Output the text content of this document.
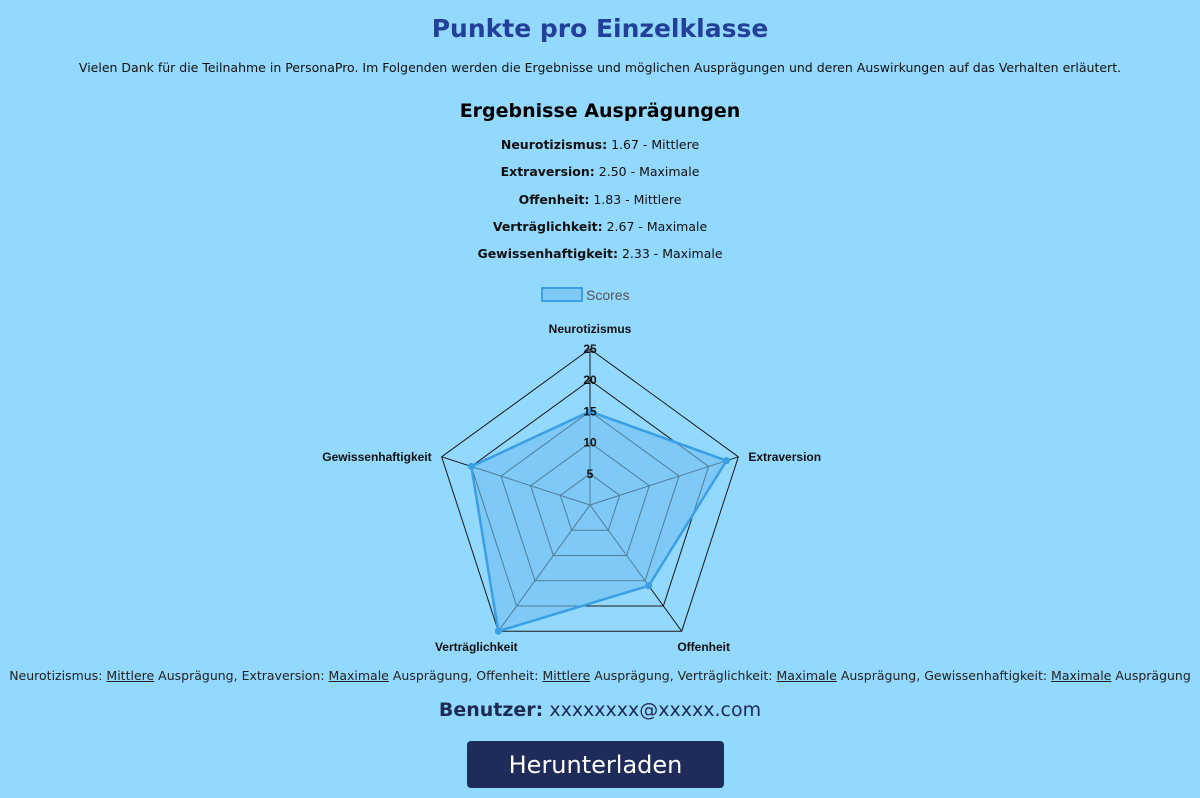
Punkte pro Einzelklasse

Vielen Dank für die Teilnahme in PersonaPro. Im Folgenden werden die Ergebnisse und möglichen Ausprägungen und deren Auswirkungen auf das Verhalten erläutert.

Ergebnisse Ausprägungen
Neurotizismus: 1.67 - Mittlere
Extraversion: 2.50 - Maximale
Offenheit: 1.83 - Mittlere
Verträglichkeit: 2.67 - Maximale
Gewissenhaftigkeit: 2.33 - Maximale
Scores
5
10
15
20
25
Neurotizismus
Extraversion
Offenheit
Verträglichkeit
Gewissenhaftigkeit

Neurotizismus: Mittlere Ausprägung, Extraversion: Maximale Ausprägung, Offenheit: Mittlere Ausprägung, Verträglichkeit: Maximale Ausprägung, Gewissenhaftigkeit: Maximale Ausprägung

Benutzer: xxxxxxxx@xxxxx.com

Herunterladen
